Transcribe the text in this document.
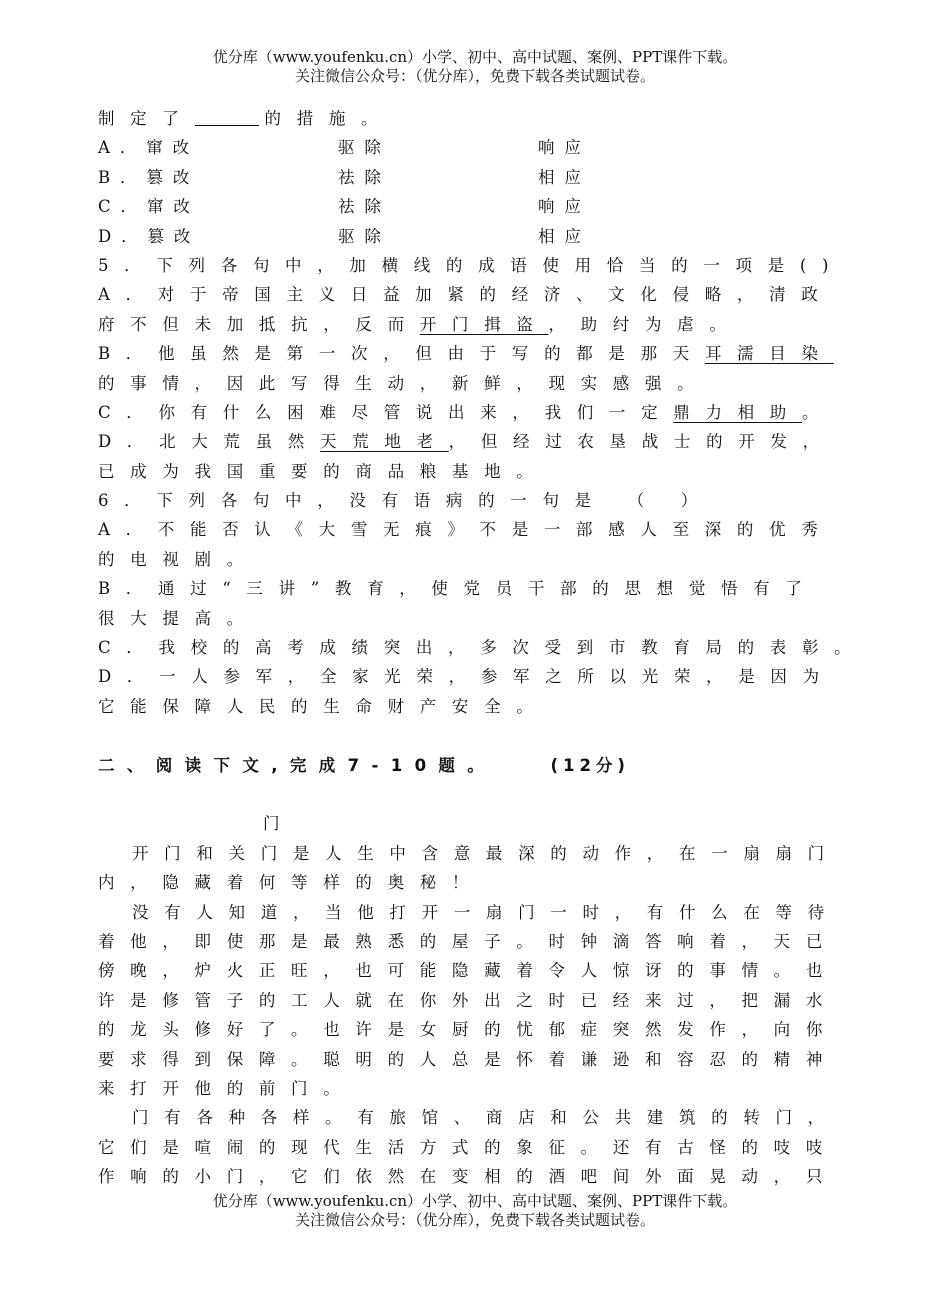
优分库（www.youfenku.cn）小学、初中、高中试题、案例、PPT课件下载。
关注微信公众号：（优分库），免费下载各类试题试卷。
制定了	的措施。
A．窜改	驱除	响应
B．篡改	祛除	相应
C．窜改	祛除	响应
D．篡改	驱除	相应
5．下列各句中，加横线的成语使用恰当的一项是()
A．对于帝国主义日益加紧的经济、文化侵略，清政
府不但未加抵抗，反而开门揖盗，助纣为虐。
B．他虽然是第一次，但由于写的都是那天耳濡目染
的事情，因此写得生动，新鲜，现实感强。
C．你有什么困难尽管说出来，我们一定鼎力相助。
D．北大荒虽然天荒地老，但经过农垦战士的开发，
已成为我国重要的商品粮基地。
6．下列各句中，没有语病的一句是 （ ）
A．不能否认《大雪无痕》不是一部感人至深的优秀
的电视剧。
B．通过“三讲”教育，使党员干部的思想觉悟有了
很大提高。
C．我校的高考成绩突出，多次受到市教育局的表彰。
D．一人参军，全家光荣，参军之所以光荣，是因为
它能保障人民的生命财产安全。
二、阅读下文,完成7-10题。	(12分)
门
开门和关门是人生中含意最深的动作，在一扇扇门
内，隐藏着何等样的奥秘！
没有人知道，当他打开一扇门一时，有什么在等待
着他，即使那是最熟悉的屋子。时钟滴答响着，天已
傍晚，炉火正旺，也可能隐藏着令人惊讶的事情。也
许是修管子的工人就在你外出之时已经来过，把漏水
的龙头修好了。也许是女厨的忧郁症突然发作，向你
要求得到保障。聪明的人总是怀着谦逊和容忍的精神
来打开他的前门。
门有各种各样。有旅馆、商店和公共建筑的转门，
它们是喧闹的现代生活方式的象征。还有古怪的吱吱
作响的小门，它们依然在变相的酒吧间外面晃动，只
优分库（www.youfenku.cn）小学、初中、高中试题、案例、PPT课件下载。
关注微信公众号：（优分库），免费下载各类试题试卷。
